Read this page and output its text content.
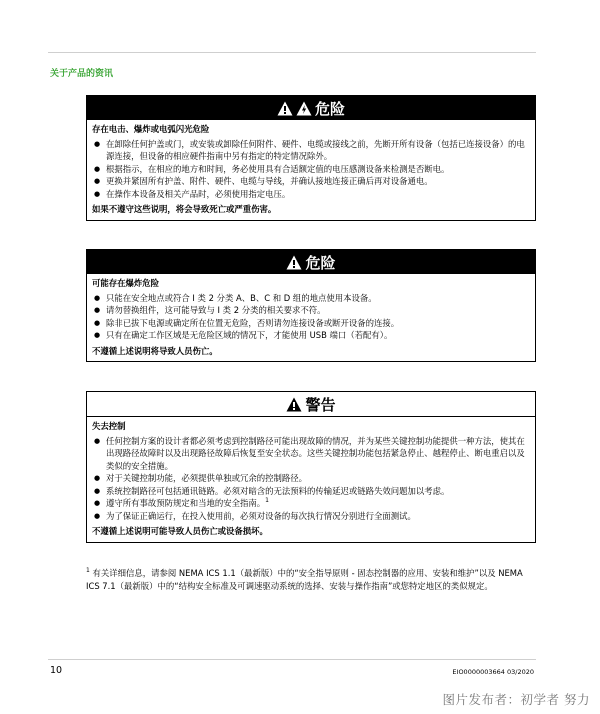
关于产品的资讯
危险
存在电击、爆炸或电弧闪光危险
● 在卸除任何护盖或门，或安装或卸除任何附件、硬件、电缆或接线之前，先断开所有设备（包括已连接设备）的电源连接，但设备的相应硬件指南中另有指定的特定情况除外。
● 根据指示，在相应的地方和时间，务必使用具有合适额定值的电压感测设备来检测是否断电。
● 更换并紧固所有护盖、附件、硬件、电缆与导线，并确认接地连接正确后再对设备通电。
● 在操作本设备及相关产品时，必须使用指定电压。
如果不遵守这些说明，将会导致死亡或严重伤害。
危险
可能存在爆炸危险
● 只能在安全地点或符合 I 类 2 分类 A、B、C 和 D 组的地点使用本设备。
● 请勿替换组件，这可能导致与 I 类 2 分类的相关要求不符。
● 除非已拔下电源或确定所在位置无危险，否则请勿连接设备或断开设备的连接。
● 只有在确定工作区域是无危险区域的情况下，才能使用 USB 端口（若配有）。
不遵循上述说明将导致人员伤亡。
警告
失去控制
● 任何控制方案的设计者都必须考虑到控制路径可能出现故障的情况，并为某些关键控制功能提供一种方法，使其在出现路径故障时以及出现路径故障后恢复至安全状态。这些关键控制功能包括紧急停止、越程停止、断电重启以及类似的安全措施。
● 对于关键控制功能，必须提供单独或冗余的控制路径。
● 系统控制路径可包括通讯链路。必须对暗含的无法预料的传输延迟或链路失效问题加以考虑。
● 遵守所有事故预防规定和当地的安全指南。$^1$
● 为了保证正确运行，在投入使用前，必须对设备的每次执行情况分别进行全面测试。
不遵循上述说明可能导致人员伤亡或设备损坏。
$^1$ 有关详细信息，请参阅 NEMA ICS 1.1（最新版）中的“安全指导原则 - 固态控制器的应用、安装和维护”以及 NEMA ICS 7.1（最新版）中的“结构安全标准及可调速驱动系统的选择、安装与操作指南”或您特定地区的类似规定。
10	EIO0000003664 03/2020
图片发布者：初学者 努力
